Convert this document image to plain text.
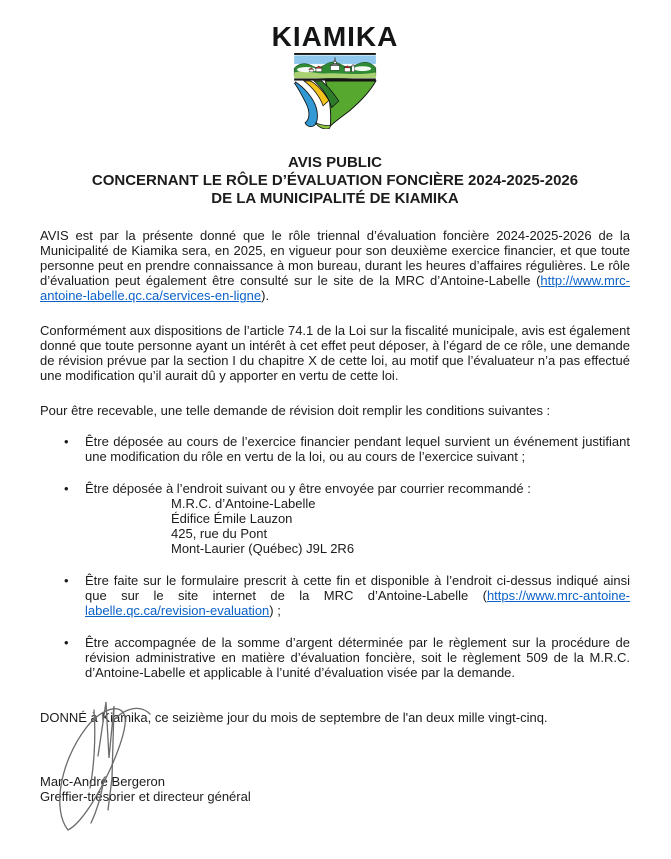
KIAMIKA
AVIS PUBLIC
CONCERNANT LE RÔLE D’ÉVALUATION FONCIÈRE 2024-2025-2026
DE LA MUNICIPALITÉ DE KIAMIKA

AVIS est par la présente donné que le rôle triennal d’évaluation foncière 2024-2025-2026 de la Municipalité de Kiamika sera, en 2025, en vigueur pour son deuxième exercice financier, et que toute personne peut en prendre connaissance à mon bureau, durant les heures d’affaires régulières. Le rôle d’évaluation peut également être consulté sur le site de la MRC d’Antoine-Labelle (http://www.mrc-antoine-labelle.qc.ca/services-en-ligne).

Conformément aux dispositions de l’article 74.1 de la Loi sur la fiscalité municipale, avis est également donné que toute personne ayant un intérêt à cet effet peut déposer, à l’égard de ce rôle, une demande de révision prévue par la section I du chapitre X de cette loi, au motif que l’évaluateur n’a pas effectué une modification qu’il aurait dû y apporter en vertu de cette loi.

Pour être recevable, une telle demande de révision doit remplir les conditions suivantes :

•	Être déposée au cours de l’exercice financier pendant lequel survient un événement justifiant une modification du rôle en vertu de la loi, ou au cours de l’exercice suivant ;
•	Être déposée à l’endroit suivant ou y être envoyée par courrier recommandé :
M.R.C. d’Antoine-Labelle
Édifice Émile Lauzon
425, rue du Pont
Mont-Laurier (Québec) J9L 2R6
•	Être faite sur le formulaire prescrit à cette fin et disponible à l’endroit ci-dessus indiqué ainsi que sur le site internet de la MRC d’Antoine-Labelle (https://www.mrc-antoine-labelle.qc.ca/revision-evaluation) ;
•	Être accompagnée de la somme d’argent déterminée par le règlement sur la procédure de révision administrative en matière d’évaluation foncière, soit le règlement 509 de la M.R.C. d’Antoine-Labelle et applicable à l’unité d’évaluation visée par la demande.

DONNÉ à Kiamika, ce seizième jour du mois de septembre de l'an deux mille vingt-cinq.

Marc-André Bergeron
Greffier-trésorier et directeur général
